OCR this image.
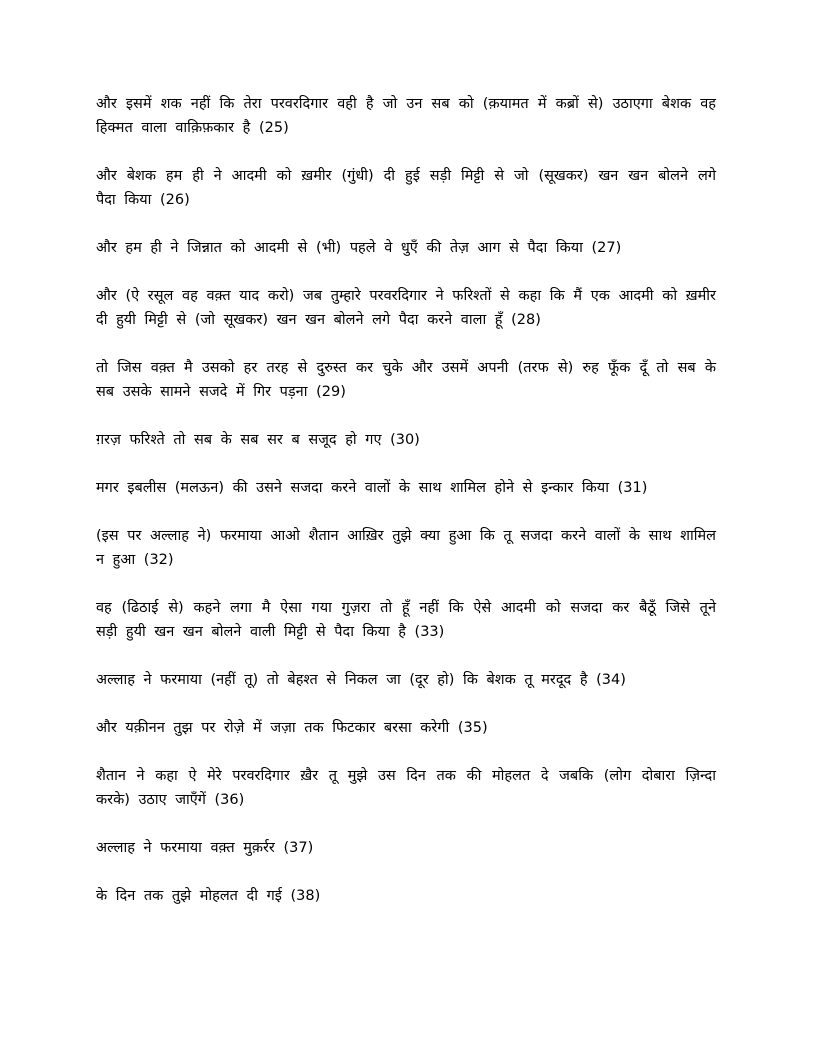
और इसमें शक नहीं कि तेरा परवरदिगार वही है जो उन सब को (क़यामत में कब्रों से) उठाएगा बेशक वह हिक्मत वाला वाक़िफ़कार है (25)

और बेशक हम ही ने आदमी को ख़मीर (गुंधी) दी हुई सड़ी मिट्टी से जो (सूखकर) खन खन बोलने लगे पैदा किया (26)

और हम ही ने जिन्नात को आदमी से (भी) पहले वे धुएँ की तेज़ आग से पैदा किया (27)

और (ऐ रसूल वह वक़्त याद करो) जब तुम्हारे परवरदिगार ने फरिश्तों से कहा कि मैं एक आदमी को ख़मीर दी हुयी मिट्टी से (जो सूखकर) खन खन बोलने लगे पैदा करने वाला हूँ (28)

तो जिस वक़्त मै उसको हर तरह से दुरुस्त कर चुके और उसमें अपनी (तरफ से) रुह फूँक दूँ तो सब के सब उसके सामने सजदे में गिर पड़ना (29)

ग़रज़ फरिश्ते तो सब के सब सर ब सजूद हो गए (30)

मगर इबलीस (मलऊन) की उसने सजदा करने वालों के साथ शामिल होने से इन्कार किया (31)

(इस पर अल्लाह ने) फरमाया आओ शैतान आख़िर तुझे क्या हुआ कि तू सजदा करने वालों के साथ शामिल न हुआ (32)

वह (ढिठाई से) कहने लगा मै ऐसा गया गुज़रा तो हूँ नहीं कि ऐसे आदमी को सजदा कर बैठूँ जिसे तूने सड़ी हुयी खन खन बोलने वाली मिट्टी से पैदा किया है (33)

अल्लाह ने फरमाया (नहीं तू) तो बेहश्त से निकल जा (दूर हो) कि बेशक तू मरदूद है (34)

और यक़ीनन तुझ पर रोज़े में जज़ा तक फिटकार बरसा करेगी (35)

शैतान ने कहा ऐ मेरे परवरदिगार ख़ैर तू मुझे उस दिन तक की मोहलत दे जबकि (लोग दोबारा ज़िन्दा करके) उठाए जाएँगें (36)

अल्लाह ने फरमाया वक़्त मुक़र्रर (37)

के दिन तक तुझे मोहलत दी गई (38)
